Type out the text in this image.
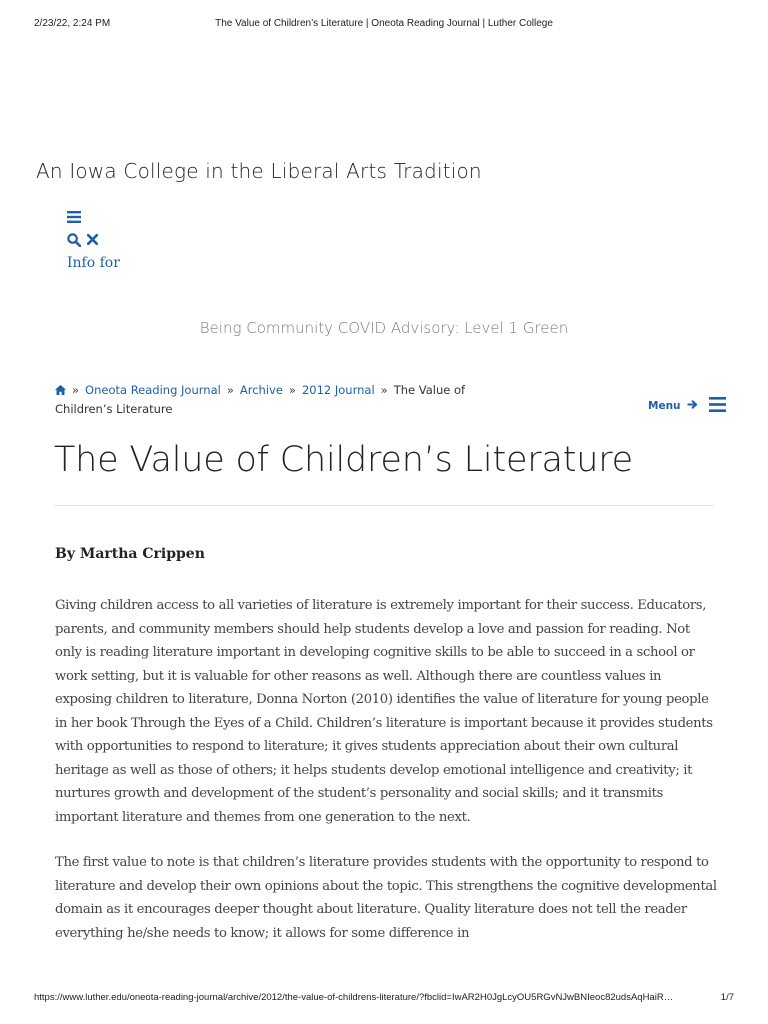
2/23/22, 2:24 PM	The Value of Children’s Literature | Oneota Reading Journal | Luther College
An Iowa College in the Liberal Arts Tradition
Info for
Being Community COVID Advisory: Level 1 Green
» Oneota Reading Journal » Archive » 2012 Journal » The Value of Children’s Literature	Menu
The Value of Children’s Literature

By Martha Crippen

Giving children access to all varieties of literature is extremely important for their success. Educators, parents, and community members should help students develop a love and passion for reading. Not only is reading literature important in developing cognitive skills to be able to succeed in a school or work setting, but it is valuable for other reasons as well. Although there are countless values in exposing children to literature, Donna Norton (2010) identifies the value of literature for young people in her book Through the Eyes of a Child. Children’s literature is important because it provides students with opportunities to respond to literature; it gives students appreciation about their own cultural heritage as well as those of others; it helps students develop emotional intelligence and creativity; it nurtures growth and development of the student’s personality and social skills; and it transmits important literature and themes from one generation to the next.

The first value to note is that children’s literature provides students with the opportunity to respond to literature and develop their own opinions about the topic. This strengthens the cognitive developmental domain as it encourages deeper thought about literature. Quality literature does not tell the reader everything he/she needs to know; it allows for some difference in

https://www.luther.edu/oneota-reading-journal/archive/2012/the-value-of-childrens-literature/?fbclid=IwAR2H0JgLcyOU5RGvNJwBNIeoc82udsAqHaiR…	1/7
